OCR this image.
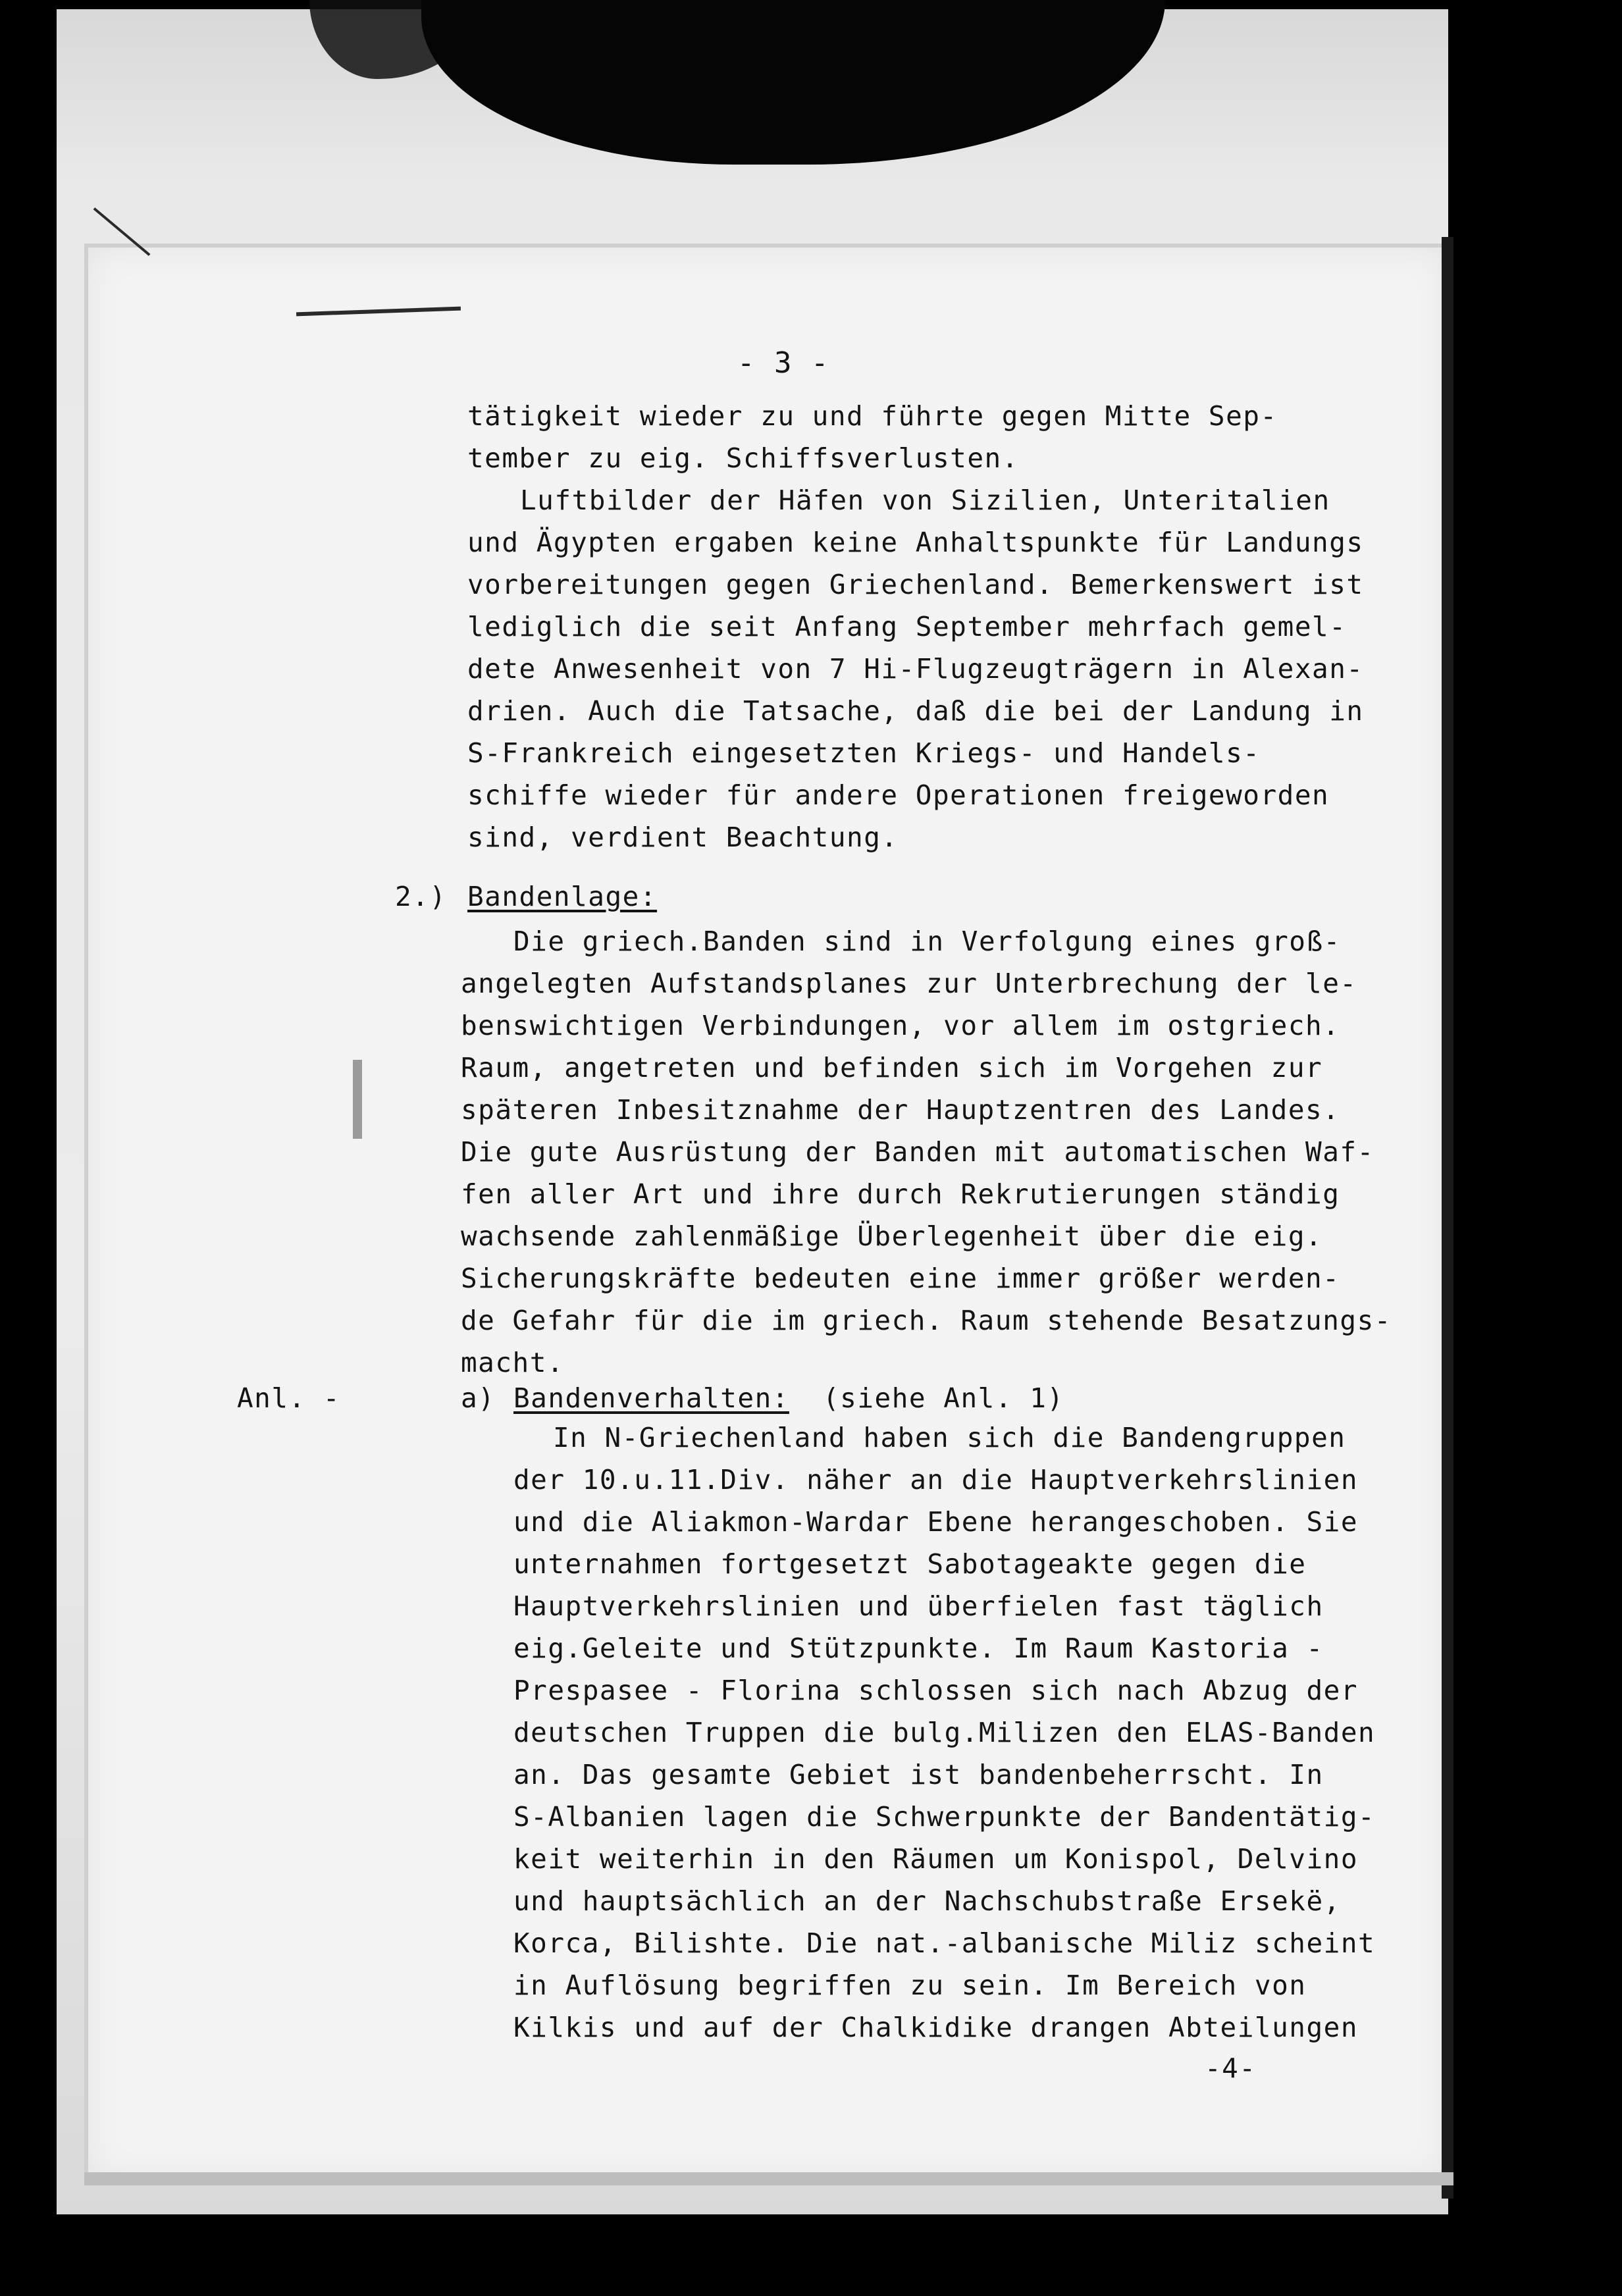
- 3 -
tätigkeit wieder zu und führte gegen Mitte Sep-
tember zu eig. Schiffsverlusten.
Luftbilder der Häfen von Sizilien, Unteritalien
und Ägypten ergaben keine Anhaltspunkte für Landungs
vorbereitungen gegen Griechenland. Bemerkenswert ist
lediglich die seit Anfang September mehrfach gemel-
dete Anwesenheit von 7 Hi-Flugzeugträgern in Alexan-
drien. Auch die Tatsache, daß die bei der Landung in
S-Frankreich eingesetzten Kriegs- und Handels-
schiffe wieder für andere Operationen freigeworden
sind, verdient Beachtung.
2.) Bandenlage:
Die griech.Banden sind in Verfolgung eines groß-
angelegten Aufstandsplanes zur Unterbrechung der le-
benswichtigen Verbindungen, vor allem im ostgriech.
Raum, angetreten und befinden sich im Vorgehen zur
späteren Inbesitznahme der Hauptzentren des Landes.
Die gute Ausrüstung der Banden mit automatischen Waf-
fen aller Art und ihre durch Rekrutierungen ständig
wachsende zahlenmäßige Überlegenheit über die eig.
Sicherungskräfte bedeuten eine immer größer werden-
de Gefahr für die im griech. Raum stehende Besatzungs-
macht.
Anl. -	a) Bandenverhalten: (siehe Anl. 1)
In N-Griechenland haben sich die Bandengruppen
der 10.u.11.Div. näher an die Hauptverkehrslinien
und die Aliakmon-Wardar Ebene herangeschoben. Sie
unternahmen fortgesetzt Sabotageakte gegen die
Hauptverkehrslinien und überfielen fast täglich
eig.Geleite und Stützpunkte. Im Raum Kastoria -
Prespasee - Florina schlossen sich nach Abzug der
deutschen Truppen die bulg.Milizen den ELAS-Banden
an. Das gesamte Gebiet ist bandenbeherrscht. In
S-Albanien lagen die Schwerpunkte der Bandentätig-
keit weiterhin in den Räumen um Konispol, Delvino
und hauptsächlich an der Nachschubstraße Ersekë,
Korca, Bilishte. Die nat.-albanische Miliz scheint
in Auflösung begriffen zu sein. Im Bereich von
Kilkis und auf der Chalkidike drangen Abteilungen
-4-
